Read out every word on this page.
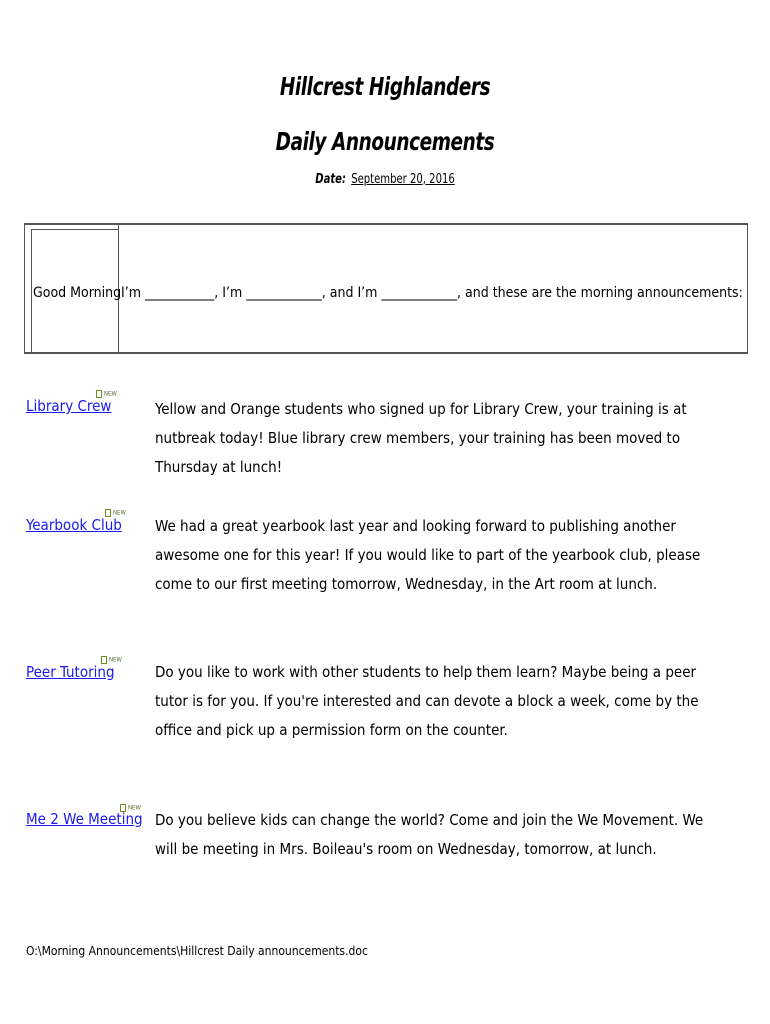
Hillcrest Highlanders
Daily Announcements
Date: September 20, 2016
Good Morning I’m ___________, I’m ____________, and I’m ____________, and these are the morning announcements:
Library Crew
NEW
Yellow and Orange students who signed up for Library Crew, your training is at nutbreak today! Blue library crew members, your training has been moved to Thursday at lunch!
Yearbook Club
NEW
We had a great yearbook last year and looking forward to publishing another awesome one for this year! If you would like to part of the yearbook club, please come to our first meeting tomorrow, Wednesday, in the Art room at lunch.
Peer Tutoring
NEW
Do you like to work with other students to help them learn? Maybe being a peer tutor is for you. If you're interested and can devote a block a week, come by the office and pick up a permission form on the counter.
Me 2 We Meeting
NEW
Do you believe kids can change the world? Come and join the We Movement. We will be meeting in Mrs. Boileau's room on Wednesday, tomorrow, at lunch.
O:\Morning Announcements\Hillcrest Daily announcements.doc
